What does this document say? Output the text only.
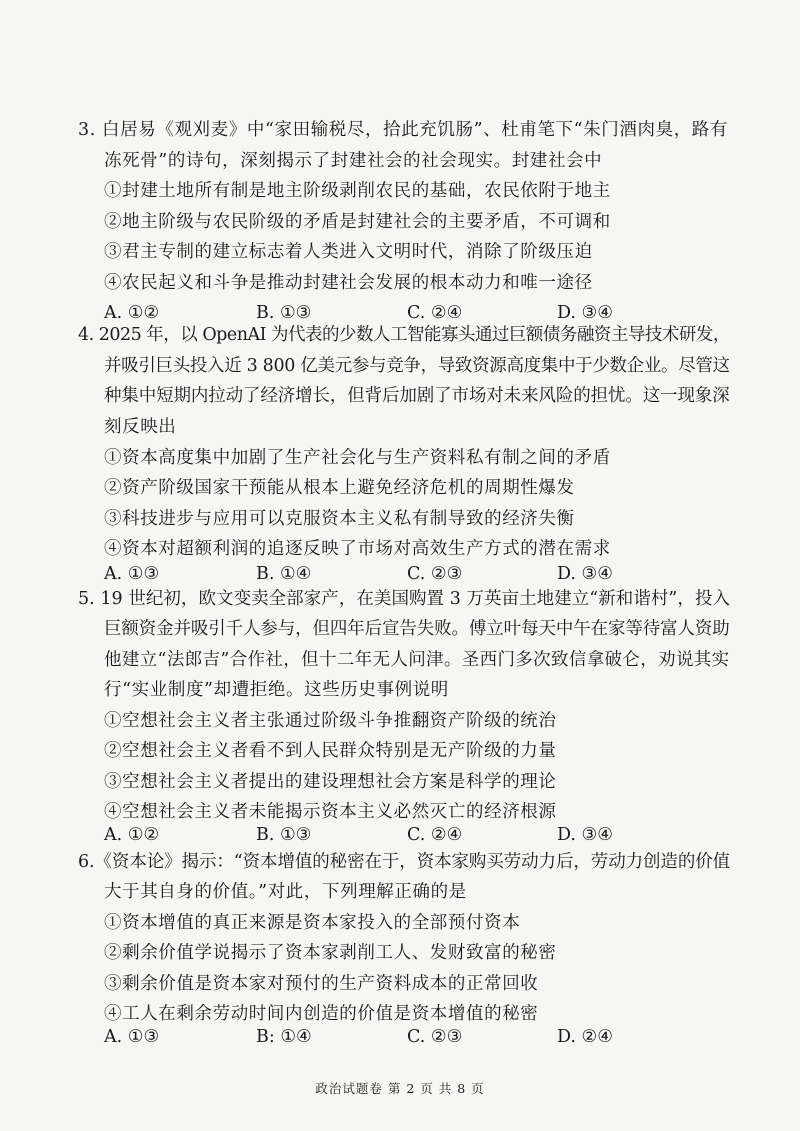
3. 白居易《观刈麦》中“家田输税尽，拾此充饥肠”、杜甫笔下“朱门酒肉臭，路有
冻死骨”的诗句，深刻揭示了封建社会的社会现实。封建社会中
①封建土地所有制是地主阶级剥削农民的基础，农民依附于地主
②地主阶级与农民阶级的矛盾是封建社会的主要矛盾，不可调和
③君主专制的建立标志着人类进入文明时代，消除了阶级压迫
④农民起义和斗争是推动封建社会发展的根本动力和唯一途径
A. ①②	B. ①③	C. ②④	D. ③④
4. 2025 年，以 OpenAI 为代表的少数人工智能寡头通过巨额债务融资主导技术研发，
并吸引巨头投入近 3 800 亿美元参与竞争，导致资源高度集中于少数企业。尽管这
种集中短期内拉动了经济增长，但背后加剧了市场对未来风险的担忧。这一现象深
刻反映出
①资本高度集中加剧了生产社会化与生产资料私有制之间的矛盾
②资产阶级国家干预能从根本上避免经济危机的周期性爆发
③科技进步与应用可以克服资本主义私有制导致的经济失衡
④资本对超额利润的追逐反映了市场对高效生产方式的潜在需求
A. ①③	B. ①④	C. ②③	D. ③④
5. 19 世纪初，欧文变卖全部家产，在美国购置 3 万英亩土地建立“新和谐村”，投入
巨额资金并吸引千人参与，但四年后宣告失败。傅立叶每天中午在家等待富人资助
他建立“法郎吉”合作社，但十二年无人问津。圣西门多次致信拿破仑，劝说其实
行“实业制度”却遭拒绝。这些历史事例说明
①空想社会主义者主张通过阶级斗争推翻资产阶级的统治
②空想社会主义者看不到人民群众特别是无产阶级的力量
③空想社会主义者提出的建设理想社会方案是科学的理论
④空想社会主义者未能揭示资本主义必然灭亡的经济根源
A. ①②	B. ①③	C. ②④	D. ③④
6.《资本论》揭示：“资本增值的秘密在于，资本家购买劳动力后，劳动力创造的价值
大于其自身的价值。”对此，下列理解正确的是
①资本增值的真正来源是资本家投入的全部预付资本
②剩余价值学说揭示了资本家剥削工人、发财致富的秘密
③剩余价值是资本家对预付的生产资料成本的正常回收
④工人在剩余劳动时间内创造的价值是资本增值的秘密
A. ①③	B: ①④	C. ②③	D. ②④
政治试题卷 第 2 页 共 8 页
